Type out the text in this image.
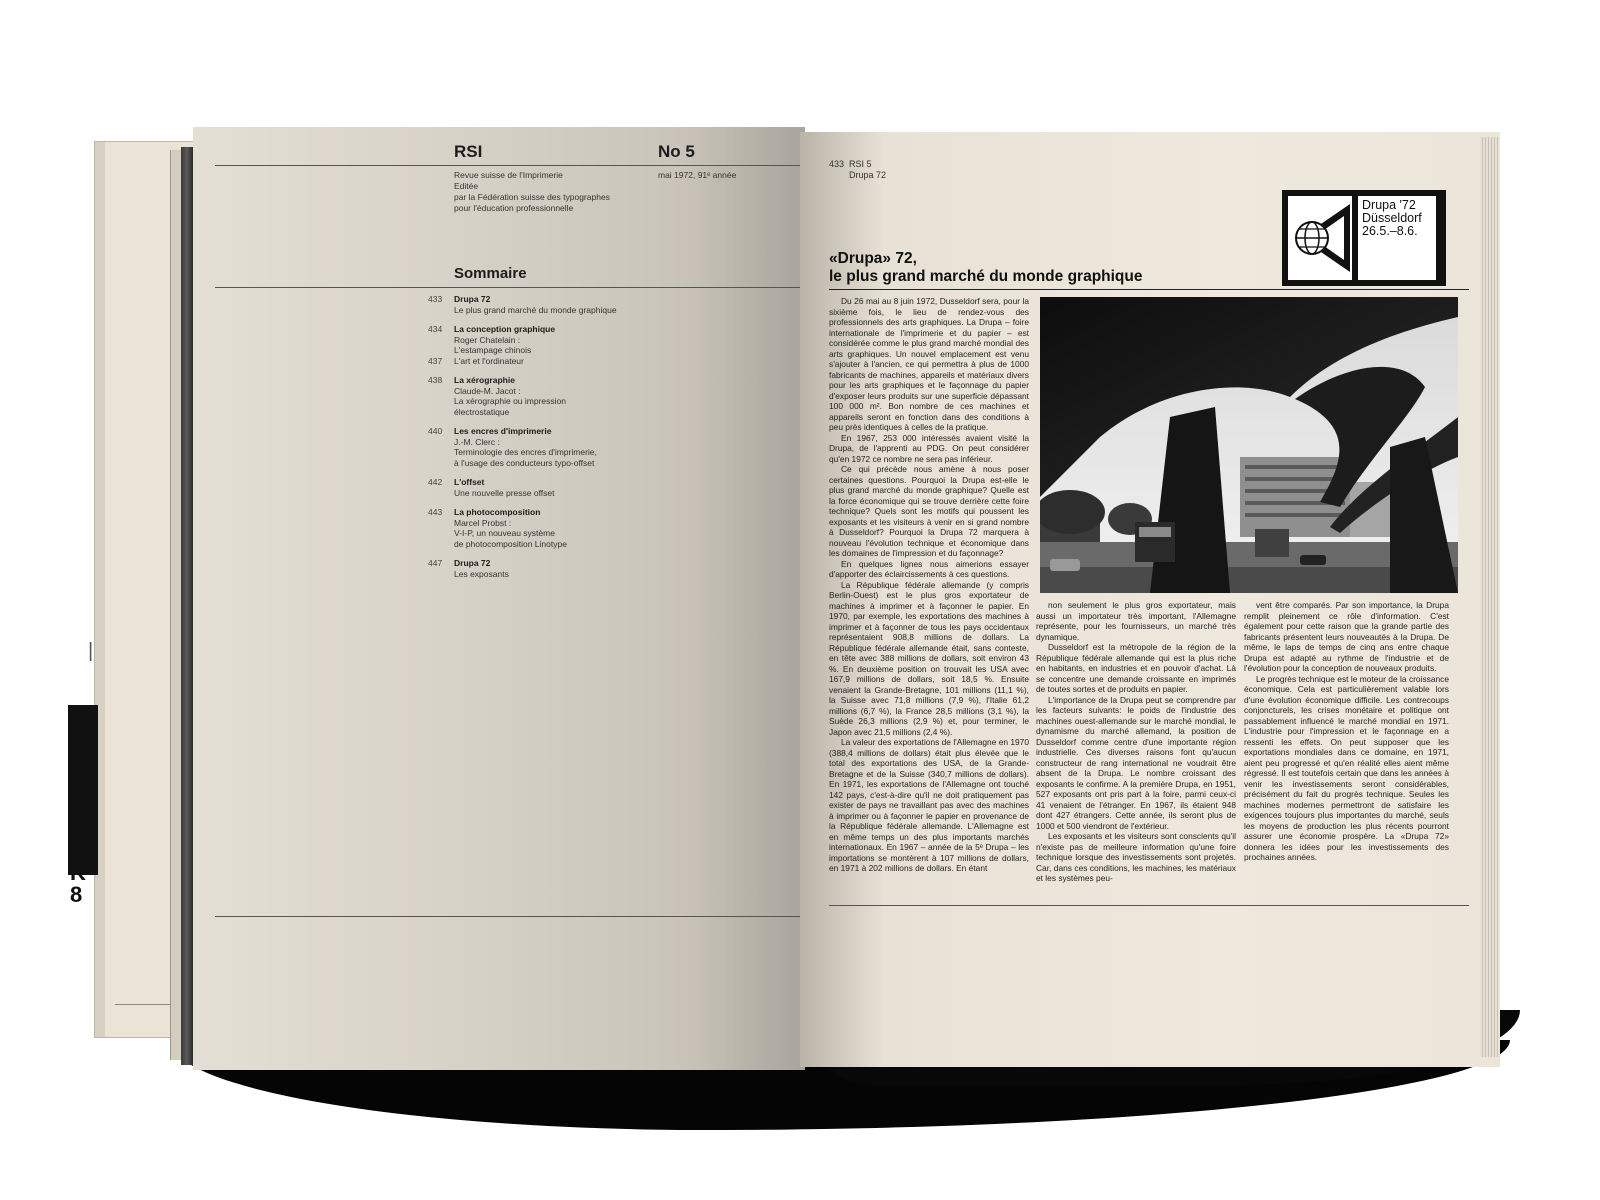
|
S
K
8
RSI	No 5
Revue suisse de l'Imprimerie
Editée
par la Fédération suisse des typographes
pour l'éducation professionnelle
mai 1972, 91ᵉ année
Sommaire
433	Drupa 72
Le plus grand marché du monde graphique
434	La conception graphique
Roger Chatelain :
L'estampage chinois
437	L'art et l'ordinateur
438	La xérographie
Claude-M. Jacot :
La xérographie ou impression
électrostatique
440	Les encres d'imprimerie
J.-M. Clerc :
Terminologie des encres d'imprimerie,
à l'usage des conducteurs typo-offset
442	L'offset
Une nouvelle presse offset
443	La photocomposition
Marcel Probst :
V-I-P, un nouveau système
de photocomposition Linotype
447	Drupa 72
Les exposants
433 RSI 5
Drupa 72
Drupa '72
Düsseldorf
26.5.–8.6.
«Drupa» 72,
le plus grand marché du monde graphique

Du 26 mai au 8 juin 1972, Dusseldorf sera, pour la sixième fois, le lieu de rendez-vous des professionnels des arts graphiques. La Drupa – foire internationale de l'imprimerie et du papier – est considérée comme le plus grand marché mondial des arts graphiques. Un nouvel emplacement est venu s'ajouter à l'ancien, ce qui permettra à plus de 1000 fabricants de machines, appareils et matériaux divers pour les arts graphiques et le façonnage du papier d'exposer leurs produits sur une superficie dépassant 100 000 m². Bon nombre de ces machines et appareils seront en fonction dans des conditions à peu près identiques à celles de la pratique.

En 1967, 253 000 intéressés avaient visité la Drupa, de l'apprenti au PDG. On peut considérer qu'en 1972 ce nombre ne sera pas inférieur.

Ce qui précède nous amène à nous poser certaines questions. Pourquoi la Drupa est-elle le plus grand marché du monde graphique? Quelle est la force économique qui se trouve derrière cette foire technique? Quels sont les motifs qui poussent les exposants et les visiteurs à venir en si grand nombre à Dusseldorf? Pourquoi la Drupa 72 marquera à nouveau l'évolution technique et économique dans les domaines de l'impression et du façonnage?

En quelques lignes nous aimerions essayer d'apporter des éclaircissements à ces questions.

La République fédérale allemande (y compris Berlin-Ouest) est le plus gros exportateur de machines à imprimer et à façonner le papier. En 1970, par exemple, les exportations des machines à imprimer et à façonner de tous les pays occidentaux représentaient 908,8 millions de dollars. La République fédérale allemande était, sans conteste, en tête avec 388 millions de dollars, soit environ 43 %. En deuxième position on trouvait les USA avec 167,9 millions de dollars, soit 18,5 %. Ensuite venaient la Grande-Bretagne, 101 millions (11,1 %), la Suisse avec 71,8 millions (7,9 %), l'Italie 61,2 millions (6,7 %), la France 28,5 millions (3,1 %), la Suède 26,3 millions (2,9 %) et, pour terminer, le Japon avec 21,5 millions (2,4 %).

La valeur des exportations de l'Allemagne en 1970 (388,4 millions de dollars) était plus élevée que le total des exportations des USA, de la Grande-Bretagne et de la Suisse (340,7 millions de dollars). En 1971, les exportations de l'Allemagne ont touché 142 pays, c'est-à-dire qu'il ne doit pratiquement pas exister de pays ne travaillant pas avec des machines à imprimer ou à façonner le papier en provenance de la République fédérale allemande. L'Allemagne est en même temps un des plus importants marchés internationaux. En 1967 – année de la 5ᵉ Drupa – les importations se montèrent à 107 millions de dollars, en 1971 à 202 millions de dollars. En étant

non seulement le plus gros exportateur, mais aussi un importateur très important, l'Allemagne représente, pour les fournisseurs, un marché très dynamique.

Dusseldorf est la métropole de la région de la République fédérale allemande qui est la plus riche en habitants, en industries et en pouvoir d'achat. Là se concentre une demande croissante en imprimés de toutes sortes et de produits en papier.

L'importance de la Drupa peut se comprendre par les facteurs suivants: le poids de l'industrie des machines ouest-allemande sur le marché mondial, le dynamisme du marché allemand, la position de Dusseldorf comme centre d'une importante région industrielle. Ces diverses raisons font qu'aucun constructeur de rang international ne voudrait être absent de la Drupa. Le nombre croissant des exposants le confirme. A la première Drupa, en 1951, 527 exposants ont pris part à la foire, parmi ceux-ci 41 venaient de l'étranger. En 1967, ils étaient 948 dont 427 étrangers. Cette année, ils seront plus de 1000 et 500 viendront de l'extérieur.

Les exposants et les visiteurs sont conscients qu'il n'existe pas de meilleure information qu'une foire technique lorsque des investissements sont projetés. Car, dans ces conditions, les machines, les matériaux et les systèmes peu-

vent être comparés. Par son importance, la Drupa remplit pleinement ce rôle d'information. C'est également pour cette raison que la grande partie des fabricants présentent leurs nouveautés à la Drupa. De même, le laps de temps de cinq ans entre chaque Drupa est adapté au rythme de l'industrie et de l'évolution pour la conception de nouveaux produits.

Le progrès technique est le moteur de la croissance économique. Cela est particulièrement valable lors d'une évolution économique difficile. Les contrecoups conjoncturels, les crises monétaire et politique ont passablement influencé le marché mondial en 1971. L'industrie pour l'impression et le façonnage en a ressenti les effets. On peut supposer que les exportations mondiales dans ce domaine, en 1971, aient peu progressé et qu'en réalité elles aient même régressé. Il est toutefois certain que dans les années à venir les investissements seront considérables, précisément du fait du progrès technique. Seules les machines modernes permettront de satisfaire les exigences toujours plus importantes du marché, seuls les moyens de production les plus récents pourront assurer une économie prospère. La «Drupa 72» donnera les idées pour les investissements des prochaines années.
